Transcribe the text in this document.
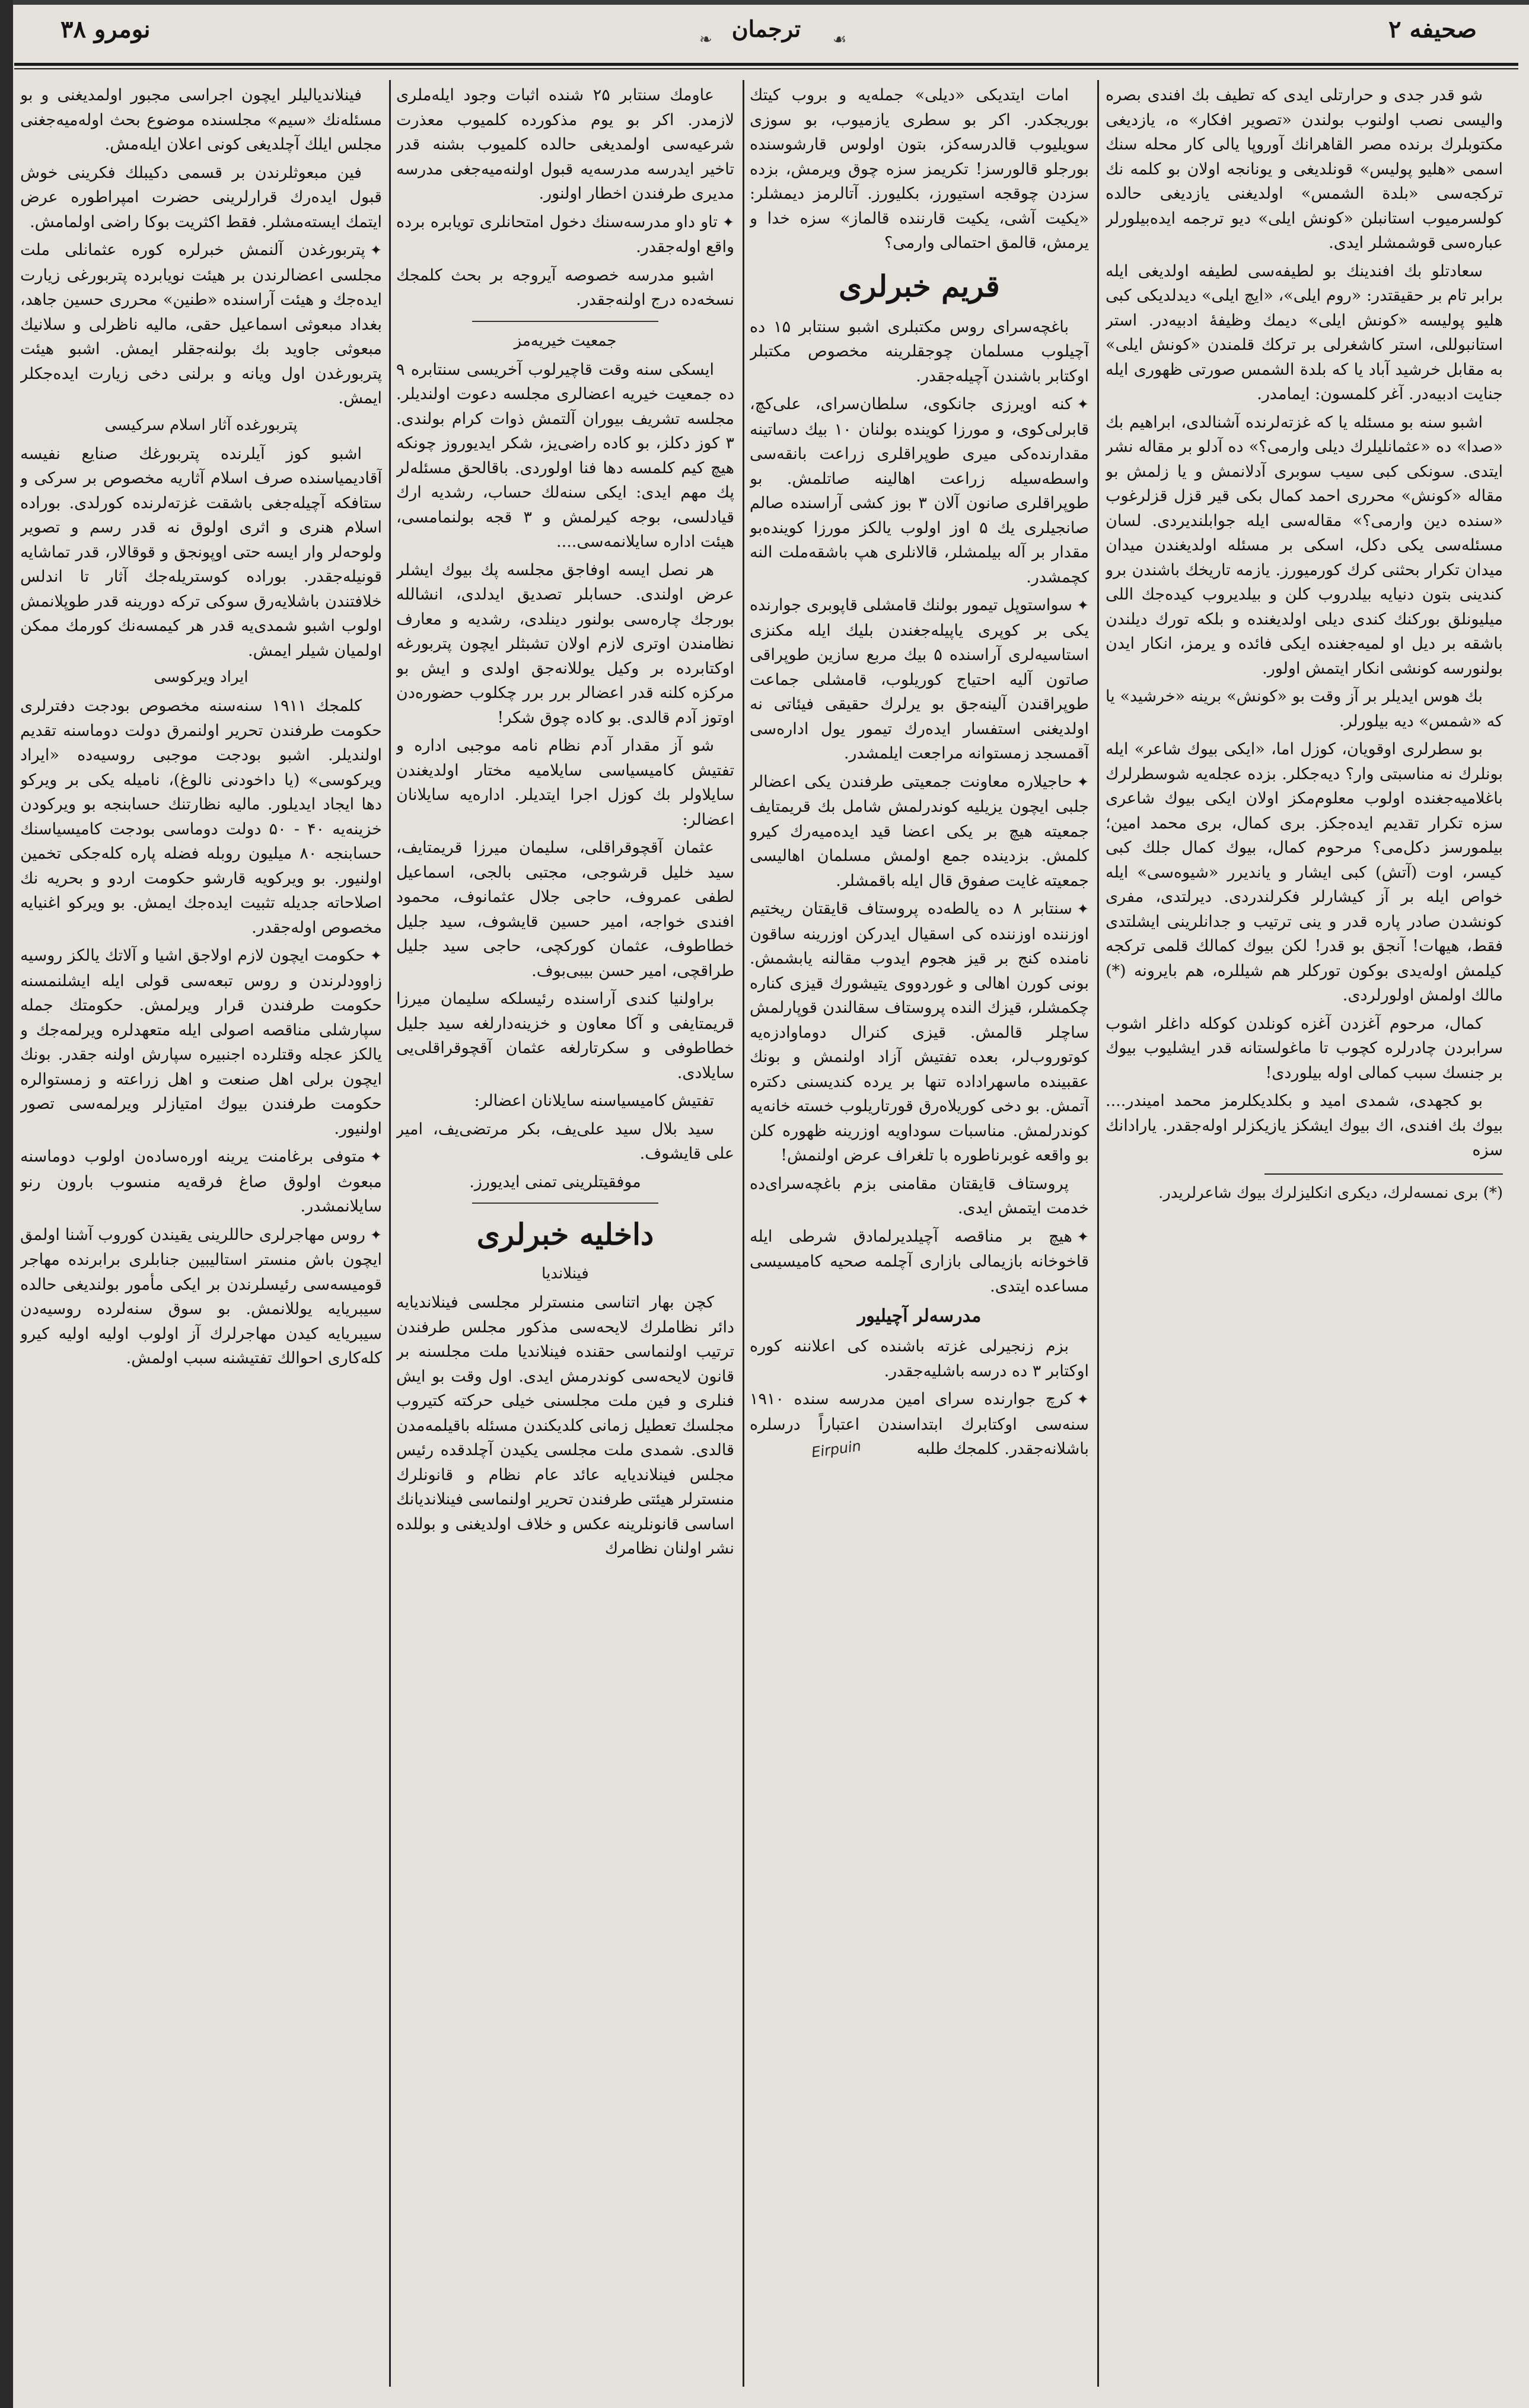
نومرو ۳۸	❧ ترجمان ☙	صحیفه ۲

شو قدر جدی و حرارتلی ایدی که تطیف بك افندی بصره والیسی نصب اولنوب بولندن «تصویر افکار» ه، یازدیغی مکتوبلرك برنده مصر القاهرانك آوروپا یالی کار محله سنك اسمی «هلیو پولیس» قونلدیغی و یونانجه اولان بو کلمه نك ترکجه‌سی «بلدة الشمس» اولدیغنی یازدیغی حالده کولسرمیوب استانبلن «کونش ایلی» دیو ترجمه ایده‌بیلورلر عباره‌سی قوشمشلر ایدی.

سعادتلو بك افندینك بو لطیفه‌سی لطیفه اولدیغی ایله برابر تام بر حقیقتدر: «روم ایلی»، «ایچ ایلی» دیدلدیکی کبی هلیو پولیسه «کونش ایلی» دیمك وظیفهٔ ادبیه‌در. استر استانبوللی، استر کاشغرلی بر ترکك قلمندن «کونش ایلی» به مقابل خرشید آباد یا که بلدة الشمس صورتی ظهوری ایله جنایت ادبیه‌در. آغر کلمسون: ایمامدر.

اشبو سنه بو مسئله یا که غزته‌لرنده آشنالدی، ابراهیم بك «صدا» ده «عثمانلیلرك دیلی وارمی؟» ده آدلو بر مقاله نشر ایتدی. سونکی کبی سیب سوبری آدلانمش و یا زلمش بو مقاله «کونش» محرری احمد کمال بکی قیر قزل قزلرغوب «سنده دین وارمی؟» مقاله‌سی ایله جوابلندیردی. لسان مسئله‌سی یکی دکل، اسکی بر مسئله اولدیغندن میدان میدان تکرار بحثنی کرك کورمیورز. یازمه تاریخك باشندن برو کندینی بتون دنیایه بیلدروب کلن و بیلدیروب کیده‌جك اللی میلیونلق بورکنك کندی دیلی اولدیغنده و بلکه تورك دیلندن باشقه بر دیل او لمیه‌جغنده ایکی فائده و یرمز، انکار ایدن بولنورسه کونشی انکار ایتمش اولور.

بك هوس ایدیلر بر آز وقت بو «کونش» برینه «خرشید» یا که «شمس» دیه بیلورلر.

بو سطرلری اوقویان، کوزل اما، «ایکی بیوك شاعر» ایله بونلرك نه مناسبتی وار؟ دیه‌جکلر. بزده عجله‌یه شوسطرلرك باغلامیه‌جغنده اولوب معلوم‌مکز اولان ایکی بیوك شاعری سزه تکرار تقدیم ایده‌جکز. بری کمال، بری محمد امین؛ بیلمورسز دکل‌می؟ مرحوم کمال، بیوك کمال جلك کبی کیسر، اوت (آتش) کبی ایشار و یاندیرر «شیوه‌سی» ایله خواص ایله بر آز کیشارلر فکرلندردی. دیرلتدی، مفری کونشدن صادر پاره قدر و ینی ترتیب و جدانلرینی ایشلتدی فقط، هیهات! آنجق بو قدر! لکن بیوك کمالك قلمی ترکجه کیلمش اوله‌یدی بوکون تورکلر هم شیللره، هم بایرونه (*) مالك اولمش اولورلردی.

کمال، مرحوم آغزدن آغزه کونلدن کوکله داغلر اشوب سرابردن چادرلره کچوب تا ماغولستانه قدر ایشلیوب بیوك بر جنسك سبب کمالی اوله بیلوردی!

بو کجهدی، شمدی امید و بکلدیکلرمز محمد امیندر.... بیوك بك افندی، اك بیوك ایشکز یازیکزلر اوله‌جقدر. یارادانك سزه

(*) بری نمسه‌لرك، دیکری انکلیزلرك بیوك شاعرلریدر.

امات ایتدیکی «دیلی» جمله‌یه و بروب کیتك بوریجکدر. اکر بو سطری یازمیوب، بو سوزی سویلیوب قالدرسه‌کز، بتون اولوس قارشوسنده بورجلو قالورسز! تکریمز سزه چوق ویرمش، بزده سزدن چوقجه استیورز، بکلیورز. آتالرمز دیمشلر: «یکیت آشی، یکیت قارننده قالماز» سزه خدا و یرمش، قالمق احتمالی وارمی؟

قریم خبرلری

باغچه‌سرای روس مکتبلری اشبو سنتابر ۱۵ ده آچیلوب مسلمان چوجقلرینه مخصوص مکتبلر اوکتابر باشندن آچیله‌جقدر.

✦کنه اویرزی جانکوی، سلطان‌سرای، علی‌کچ، قابرلی‌کوی، و مورزا کوینده بولنان ۱۰ بیك دساتینه مقدارنده‌کی میری طوپراقلری زراعت بانقه‌سی واسطه‌سیله زراعت اهالینه صاتلمش. بو طوپراقلری صانون آلان ۳ بوز کشی آراسنده صالم صانجیلری یك ۵ اوز اولوب یالکز مورزا کوینده‌بو مقدار بر آله بیلمشلر، قالانلری هپ باشقه‌ملت النه کچمشدر.

✦سواستوپل تیمور بولنك قامشلی قاپو‌بری جوارنده یکی بر کوپری یاپیله‌جغندن بلیك ایله مکنزی استاسیه‌لری آراسنده ۵ بیك مربع سازین طوپراقی صاتون آلیه احتیاج کوریلوب، قامشلی جماعت طوپراقندن آلینه‌جق بو یرلرك حقیقی فیئاتی نه اولدیغنی استفسار ایده‌رك تیمور یول اداره‌سی آقمسجد زمستوانه مراجعت ایلمشدر.

✦حاجیلاره معاونت جمعیتی طرفندن یکی اعضالر جلبی ایچون یزیلیه کوندرلمش شامل بك قریمتایف جمعیته هیچ بر یکی اعضا قید ایده‌میه‌رك کیرو کلمش. بزدینده جمع اولمش مسلمان اهالیسی جمعیته غایت صفوق قال ایله باقمشلر.

✦سنتابر ۸ ده یالطه‌ده پروستاف قایقتان ریختیم اوزننده اوزننده کی اسقیال ایدرکن اوزرینه ساقون نامنده کنج بر قیز هجوم ایدوب مقالنه یابشمش. بونی کورن اهالی و غوردووی یتیشورك قیزی کناره چکمشلر، قیزك النده پروستاف سقالندن قوپارلمش ساچلر قالمش. قیزی کنرال دوماوادزه‌یه کوتوروب‌لر، بعده تفتیش آزاد اولنمش و بونك عقبینده ماسهراداده تنها بر یرده کندیسنی دکتره آتمش. بو دخی کوریلاه‌رق قورتاریلوب خسته خانه‌یه کوندرلمش. مناسبات سوداویه اوزرینه ظهوره کلن بو واقعه غوبرناطوره با تلغراف عرض اولنمش!

پروستاف قایقتان مقامنی بزم باغچه‌سرای‌ده خدمت ایتمش ایدی.

✦هیچ بر مناقصه آچیلدیرلمادق شرطی ایله قاخوخانه بازیمالی بازاری آچلمه صحیه کامیسیسی مساعده ایتدی.

مدرسه‌لر آچیلیور

بزم زنجیرلی غزته باشنده کی اعلاننه کوره اوکتابر ۳ ده درسه باشلیه‌جقدر.

✦کرچ جوارنده سرای امین مدرسه سنده ۱۹۱۰ سنه‌سی اوکتابرك ابتداسندن اعتباراً درسلره باشلانه‌جقدر. کلمجك طلبه

عاومك سنتابر ۲۵ شنده اثبات وجود ایله‌ملری لازمدر. اکر بو یوم مذکورده کلمیوب معذرت شرعیه‌سی اولمدیغی حالده کلمیوب بشنه قدر تاخیر ایدرسه مدرسه‌یه قبول اولنه‌میه‌جغی مدرسه مدیری طرفندن اخطار اولنور.

✦تاو داو مدرسه‌سنك دخول امتحانلری تویابره برده واقع اوله‌جقدر.

اشبو مدرسه خصوصه آیروجه بر بحث کلمجك نسخه‌ده درج اولنه‌جقدر.

جمعیت خیریه‌مز

ایسکی سنه وقت قاچیرلوب آخریسی سنتابره ۹ ده جمعیت خیریه اعضالری مجلسه دعوت اولندیلر. مجلسه تشریف بیوران آلتمش ذوات کرام بولندی. ۳ کوز دکلز، بو کاده راضی‌یز، شکر ایدیوروز چونکه هیچ کیم کلمسه دها فنا اولوردی. باقالحق مسئله‌لر پك مهم ایدی: ایکی سنه‌لك حساب، رشدیه ارك قیادلسی، بوجه کیرلمش و ۳ قجه بولنمامسی، هیئت اداره سایلانمه‌سی....

هر نصل ایسه اوفاجق مجلسه پك بیوك ایشلر عرض اولندی. حسابلر تصدیق ایدلدی، انشالله بورجك چاره‌سی بولنور دینلدی، رشدیه و معارف نظامندن اوتری لازم اولان تشبثلر ایچون پتربورغه اوکتابرده بر وکیل یوللانه‌جق اولدی و ایش بو مرکزه کلنه قدر اعضالر برر برر چکلوب حضوره‌دن اوتوز آدم قالدی. بو کاده چوق شکر!

شو آز مقدار آدم نظام نامه موجبی اداره و تفتیش کامیسیاسی سایلامیه مختار اولدیغندن سایلاولر بك کوزل اجرا ایتدیلر. اداره‌یه سایلانان اعضالر:

عثمان آقچوقراقلی، سلیمان میرزا قریمتایف، سید خلیل قرشوجی، مجتبی بالجی، اسماعیل لطفی عمروف، حاجی جلال عثمانوف، محمود افندی خواجه، امیر حسین قایشوف، سید جلیل خطاطوف، عثمان کورکچی، حاجی سید جلیل طراقچی، امیر حسن بیبی‌بوف.

براولنیا کندی آراسنده رئیسلکه سلیمان میرزا قریمتایفی و آکا معاون و خزینه‌دارلغه سید جلیل خطاطوفی و سکرتارلغه عثمان آقچوقراقلی‌یی سایلادی.

تفتیش کامیسیاسنه سایلانان اعضالر:

سید بلال سید علی‌یف، بکر مرتضی‌یف، امیر علی قایشوف.

موفقیتلرینی تمنی ایدیورز.

داخلیه خبرلری
فینلاندیا

کچن بهار اتناسی منسترلر مجلسی فینلاندیایه دائر نظاملرك لایحه‌سی مذکور مجلس طرفندن ترتیب اولنماسی حقنده فینلاندیا ملت مجلسنه بر قانون لایحه‌سی کوندرمش ایدی. اول وقت بو ایش فنلری و فین ملت مجلسنی خیلی حرکته کتیروب مجلسك تعطیل زمانی کلدیکندن مسئله باقیلمه‌مدن قالدی. شمدی ملت مجلسی یکیدن آچلدقده رئیس مجلس فینلاندیایه عائد عام نظام و قانونلرك منسترلر هیئتی طرفندن تحریر اولنماسی فینلاندیانك اساسی قانونلرینه عکس و خلاف اولدیغنی و بوللده نشر اولنان نظامرك

فینلاندیالیلر ایچون اجراسی مجبور اولمدیغنی و بو مسئله‌نك «سیم» مجلسنده موضوع بحث اوله‌میه‌جغنی مجلس ایلك آچلدیغی کونی اعلان ایله‌مش.

فین مبعوثلرندن بر قسمی دکیبلك فکرینی خوش قبول ایده‌رك قرارلرینی حضرت امپراطوره عرض ایتمك ایسته‌مشلر. فقط اکثریت بوکا راضی اولمامش.

✦پتربورغدن آلنمش خبرلره کوره عثمانلی ملت مجلسی اعضالرندن بر هیئت نویابرده پتربورغی زیارت ایده‌جك و هیئت آراسنده «طنین» محرری حسین جاهد، بغداد مبعوثی اسماعیل حقی، مالیه ناظرلی و سلانیك مبعوثی جاوید بك بولنه‌جقلر ایمش. اشبو هیئت پتربورغدن اول ویانه و برلنی دخی زیارت ایده‌جکلر ایمش.

پتربورغده آثار اسلام سرکیسی

اشبو کوز آیلرنده پتربورغك صنایع نفیسه آقادیمیاسنده صرف اسلام آثاریه مخصوص بر سرکی و ستافکه آچیله‌جغی باشقت غزته‌لرنده کورلدی. بوراده اسلام هنری و اثری اولوق نه قدر رسم و تصویر ولوحه‌لر وار ایسه حتی اوپونجق و قوقالار، قدر تماشایه قونیله‌جقدر. بوراده کوستریله‌جك آثار تا اندلس خلافتندن باشلایه‌رق سوکی ترکه دورینه قدر طوپلانمش اولوب اشبو شمدی‌یه قدر هر کیمسه‌نك کورمك ممکن اولمیان شیلر ایمش.

ایراد ویرکوسی

کلمجك ۱۹۱۱ سنه‌سنه مخصوص بودجت دفترلری حکومت طرفندن تحریر اولنمرق دولت دوماسنه تقدیم اولندیلر. اشبو بودجت موجبی روسیه‌ده «ایراد ویرکوسی» (یا داخودنی نالوغ)، نامیله یکی بر ویرکو دها ایجاد ایدیلور. مالیه نظارتنك حسابنجه بو ویرکودن خزینه‌یه ۴۰ - ۵۰ دولت دوماسی بودجت کامیسیاسنك حسابنجه ۸۰ میلیون روبله فضله پاره کله‌جکی تخمین اولنیور. بو ویرکویه قارشو حکومت اردو و بحریه نك اصلاحاته جدیله تثبیت ایده‌جك ایمش. بو ویرکو اغنیایه مخصوص اوله‌جقدر.

✦حکومت ایچون لازم اولاجق اشیا و آلاتك یالکز روسیه زاوودلرندن و روس تبعه‌سی قولی ایله ایشلنمسنه حکومت طرفندن قرار ویرلمش. حکومتك جمله سپارشلی مناقصه اصولی ایله متعهدلره ویرلمه‌جك و یالکز عجله وقتلرده اجنبیره سپارش اولنه جقدر. بونك ایچون برلی اهل صنعت و اهل زراعته و زمستوالره حکومت طرفندن بیوك امتیازلر ویرلمه‌سی تصور اولنیور.

✦متوفی برغامنت یرینه اوره‌ساده‌ن اولوب دوماسنه مبعوث اولوق صاغ فرقه‌یه منسوب بارون رنو سایلانمشدر.

✦روس مهاجرلری حاللرینی یقیندن کوروب آشنا اولمق ایچون باش منستر استالیبین جنابلری برابرنده مهاجر قومیسه‌سی رئیسلرندن بر ایکی مأمور بولندیغی حالده سیبریایه یوللانمش. بو سوق سنه‌لرده روسیه‌دن سیبریایه کیدن مهاجرلرك آز اولوب اولیه اولیه کیرو کله‌کاری احوالك تفتیشنه سبب اولمش.

Eirpuin
